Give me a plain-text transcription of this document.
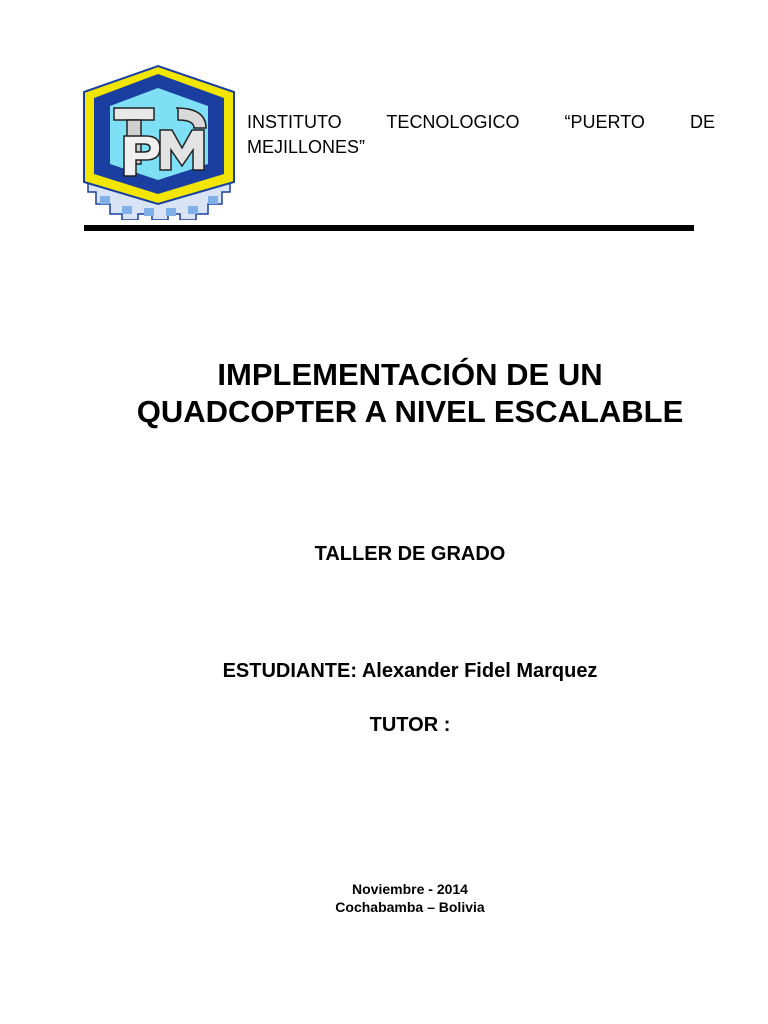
INSTITUTO TECNOLOGICO “PUERTO DE MEJILLONES”
IMPLEMENTACIÓN DE UN
QUADCOPTER A NIVEL ESCALABLE
TALLER DE GRADO
ESTUDIANTE: Alexander Fidel Marquez
TUTOR :
Noviembre - 2014
Cochabamba – Bolivia
